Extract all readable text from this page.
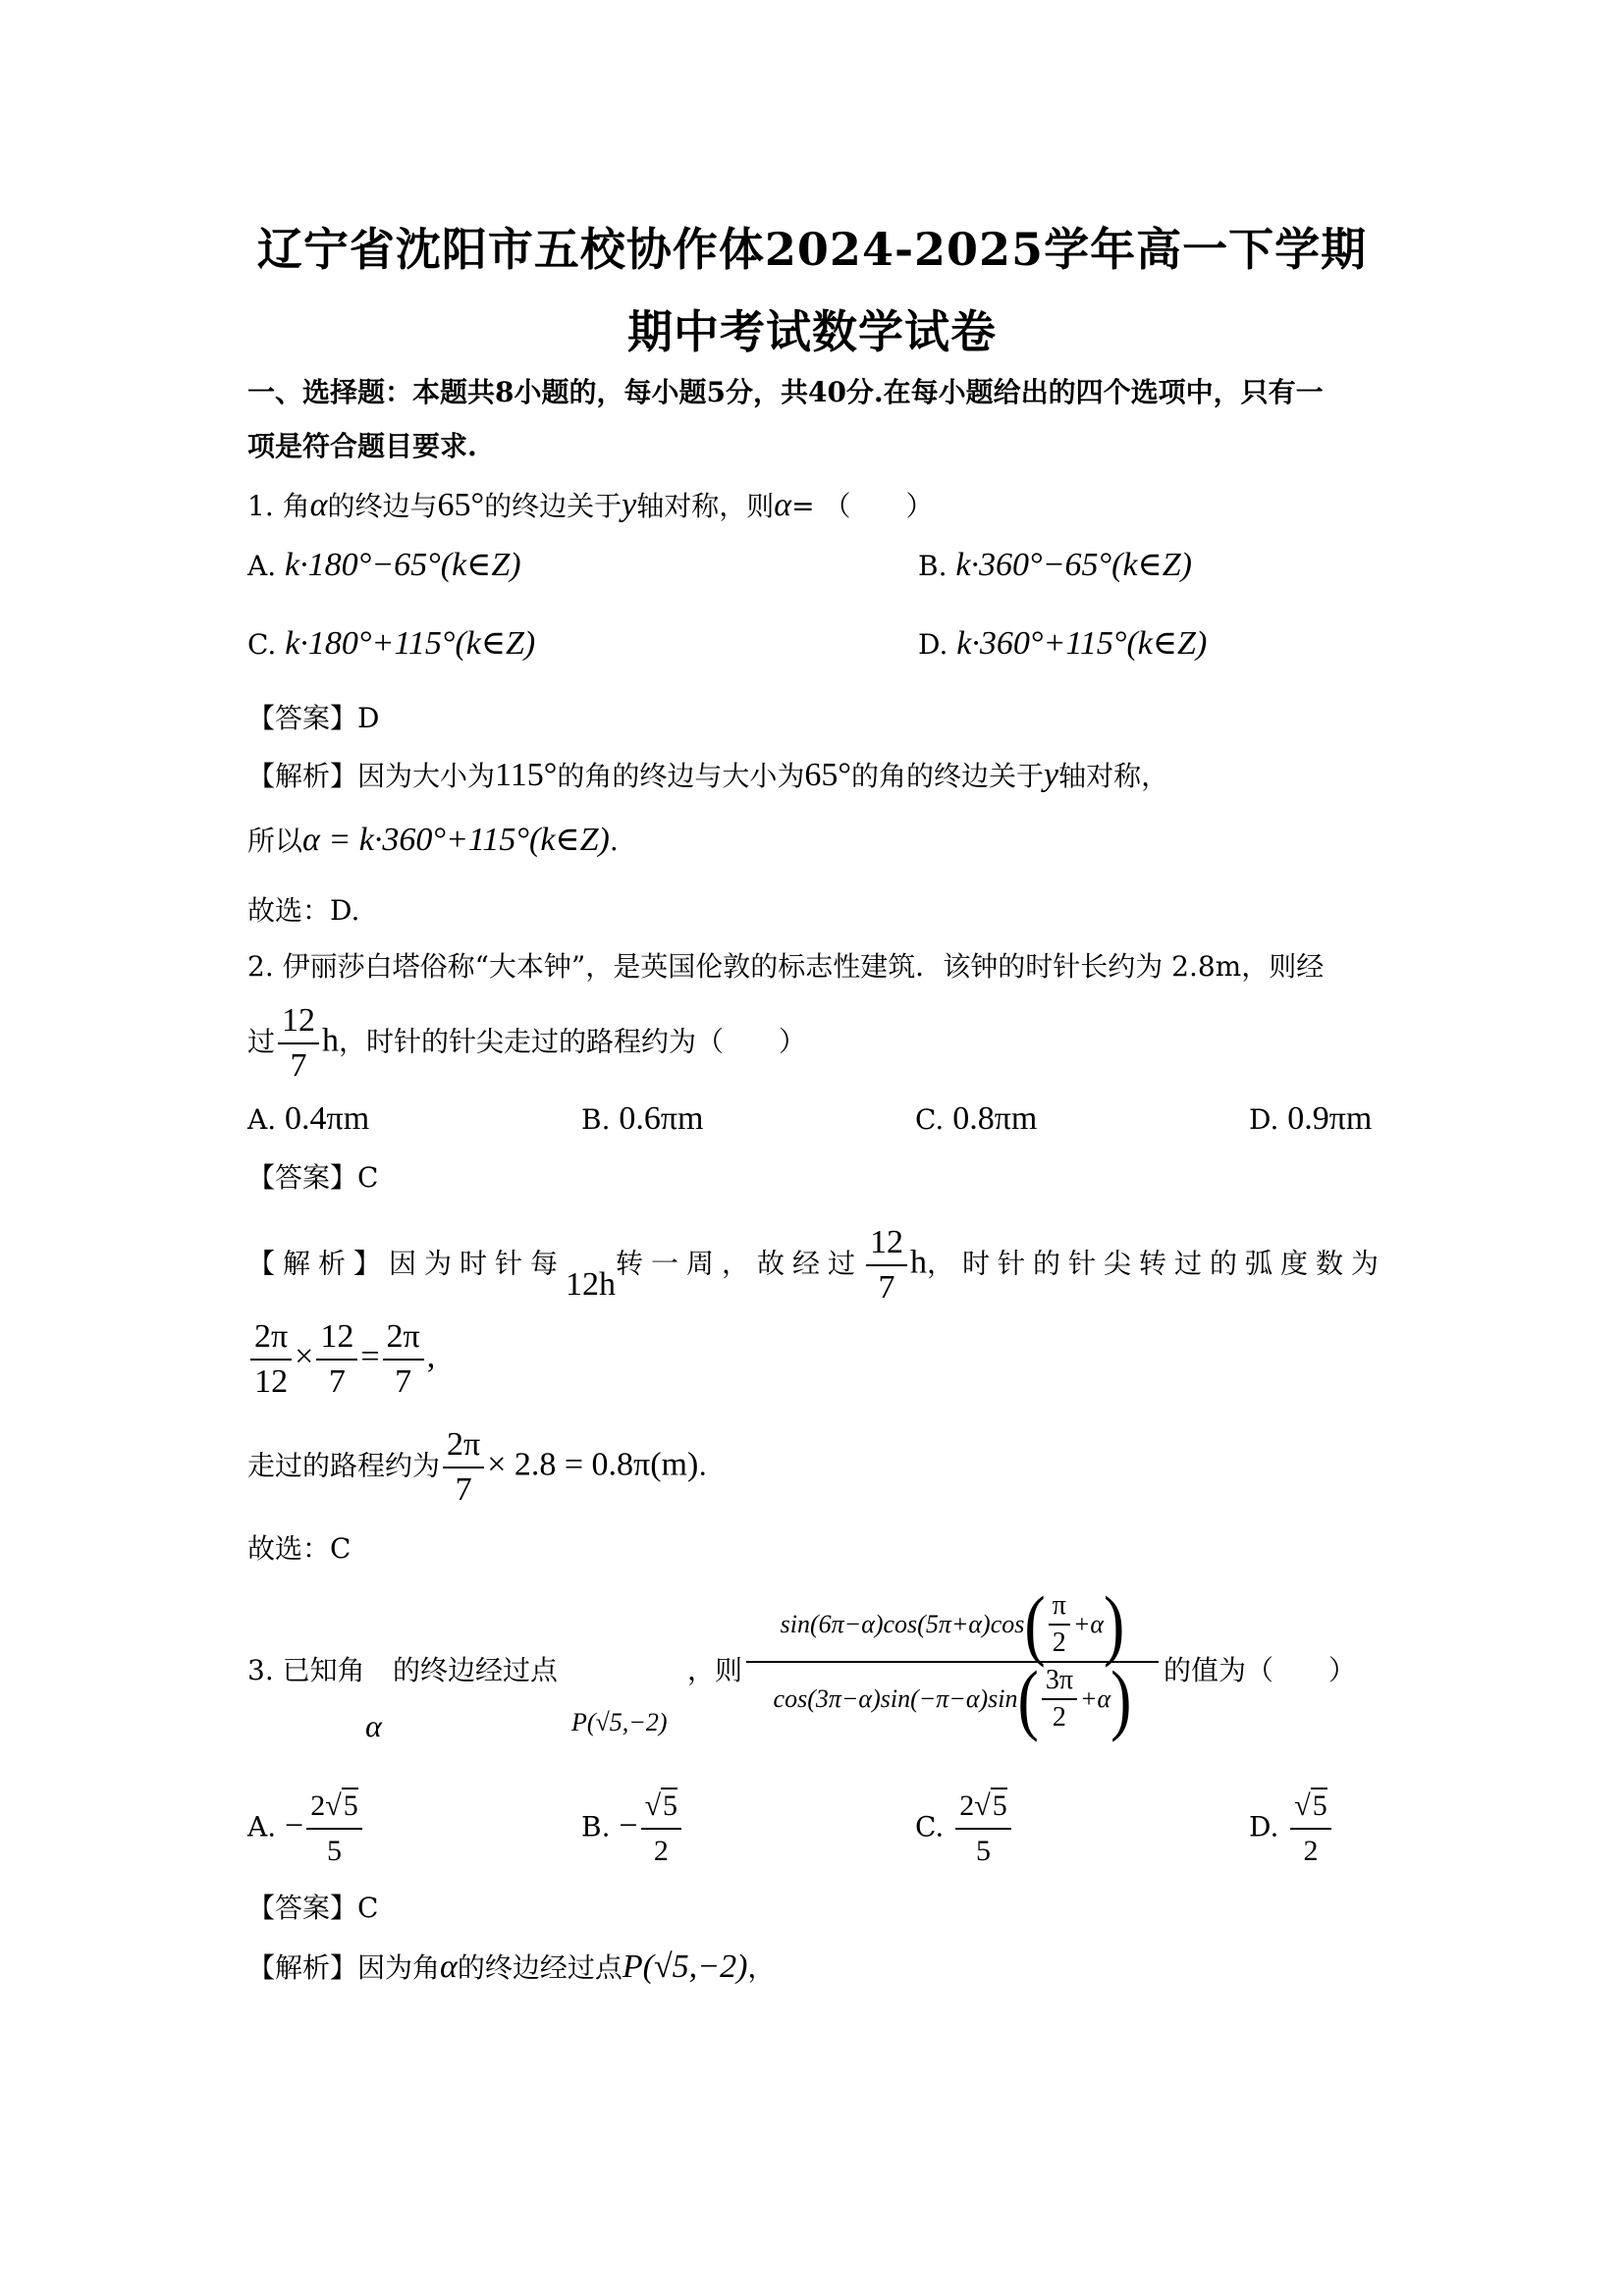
辽宁省沈阳市五校协作体2024-2025学年高一下学期
期中考试数学试卷
一、选择题：本题共8小题的，每小题5分，共40分.在每小题给出的四个选项中，只有一
项是符合题目要求.
1. 角α的终边与65°的终边关于y轴对称，则α= （　　）
A. k·180°−65°(k∈Z)	B. k·360°−65°(k∈Z)
C. k·180°+115°(k∈Z)	D. k·360°+115°(k∈Z)
【答案】D
【解析】因为大小为115°的角的终边与大小为65°的角的终边关于y轴对称，
所以α = k·360°+115°(k∈Z).
故选：D.
2. 伊丽莎白塔俗称“大本钟”，是英国伦敦的标志性建筑．该钟的时针长约为 2.8m，则经
过 $\frac{12}{7}$ h，时针的针尖走过的路程约为（　　）
A. 0.4πm	B. 0.6πm	C. 0.8πm	D. 0.9πm
【答案】C
【解析】因为时针每12h转一周，故经过 $\frac{12}{7}$ h，时针的针尖转过的弧度数为
$\frac{2\pi}{12} \times \frac{12}{7} = \frac{2\pi}{7}$ ,
走过的路程约为 $\frac{2\pi}{7} \times 2.8 = 0.8\pi(m)$.
故选：C
3. 已知角
α
的终边经过点
P(√5,−2)
，则
sin(6π−α)cos(5π+α)cos ( $\frac{\pi}{2} +\alpha$ )
cos(3π−α)sin(−π−α)sin ( $\frac{3\pi}{2} +\alpha$ ) 的值为（　　）
A. − $\frac{2√5}{5}$	B. − $\frac{√5}{2}$	C. $\frac{2√5}{5}$	D. $\frac{√5}{2}$
【答案】C
【解析】因为角α的终边经过点P(√5,−2)，
